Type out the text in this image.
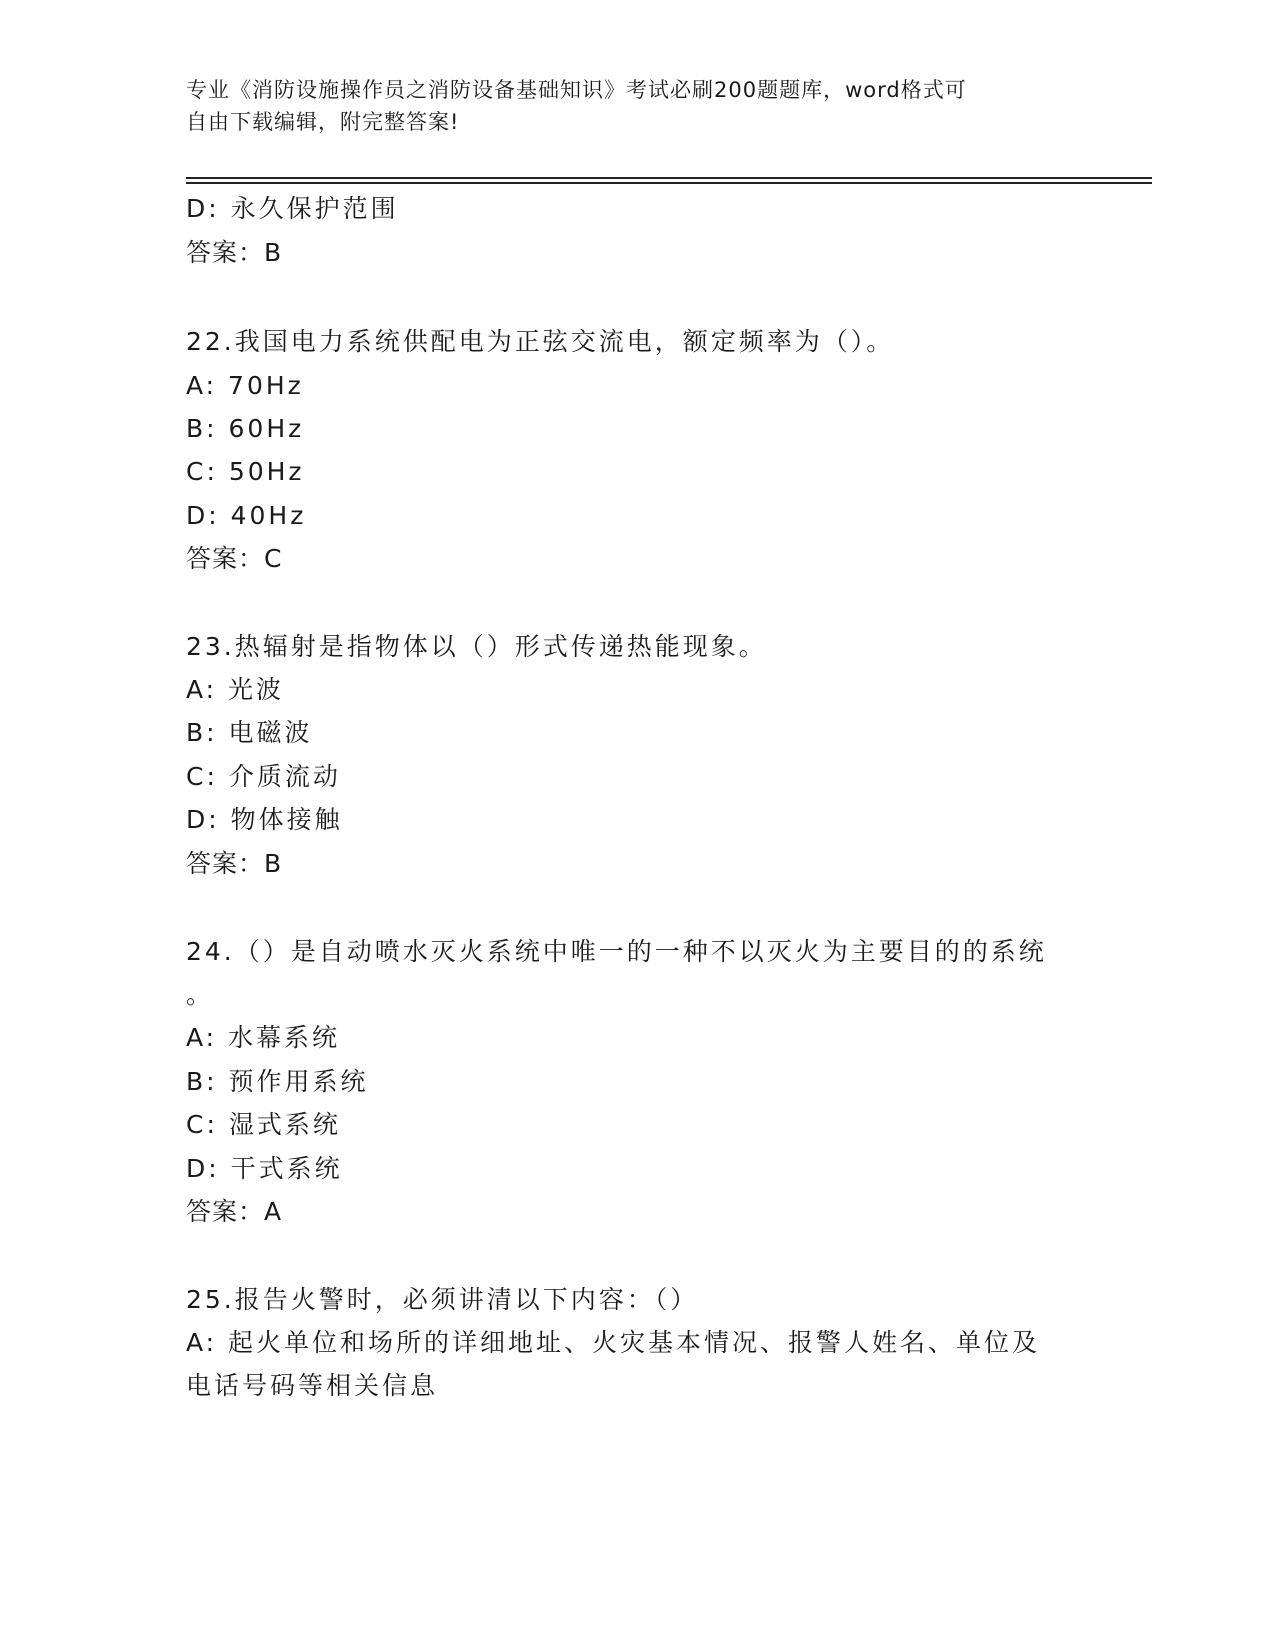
专业《消防设施操作员之消防设备基础知识》考试必刷200题题库，word格式可
自由下载编辑，附完整答案!
D: 永久保护范围
答案：B
22.我国电力系统供配电为正弦交流电，额定频率为（）。
A: 70Hz
B: 60Hz
C: 50Hz
D: 40Hz
答案：C
23.热辐射是指物体以（）形式传递热能现象。
A: 光波
B: 电磁波
C: 介质流动
D: 物体接触
答案：B
24.（）是自动喷水灭火系统中唯一的一种不以灭火为主要目的的系统
。
A: 水幕系统
B: 预作用系统
C: 湿式系统
D: 干式系统
答案：A
25.报告火警时，必须讲清以下内容：（）
A: 起火单位和场所的详细地址、火灾基本情况、报警人姓名、单位及
电话号码等相关信息
